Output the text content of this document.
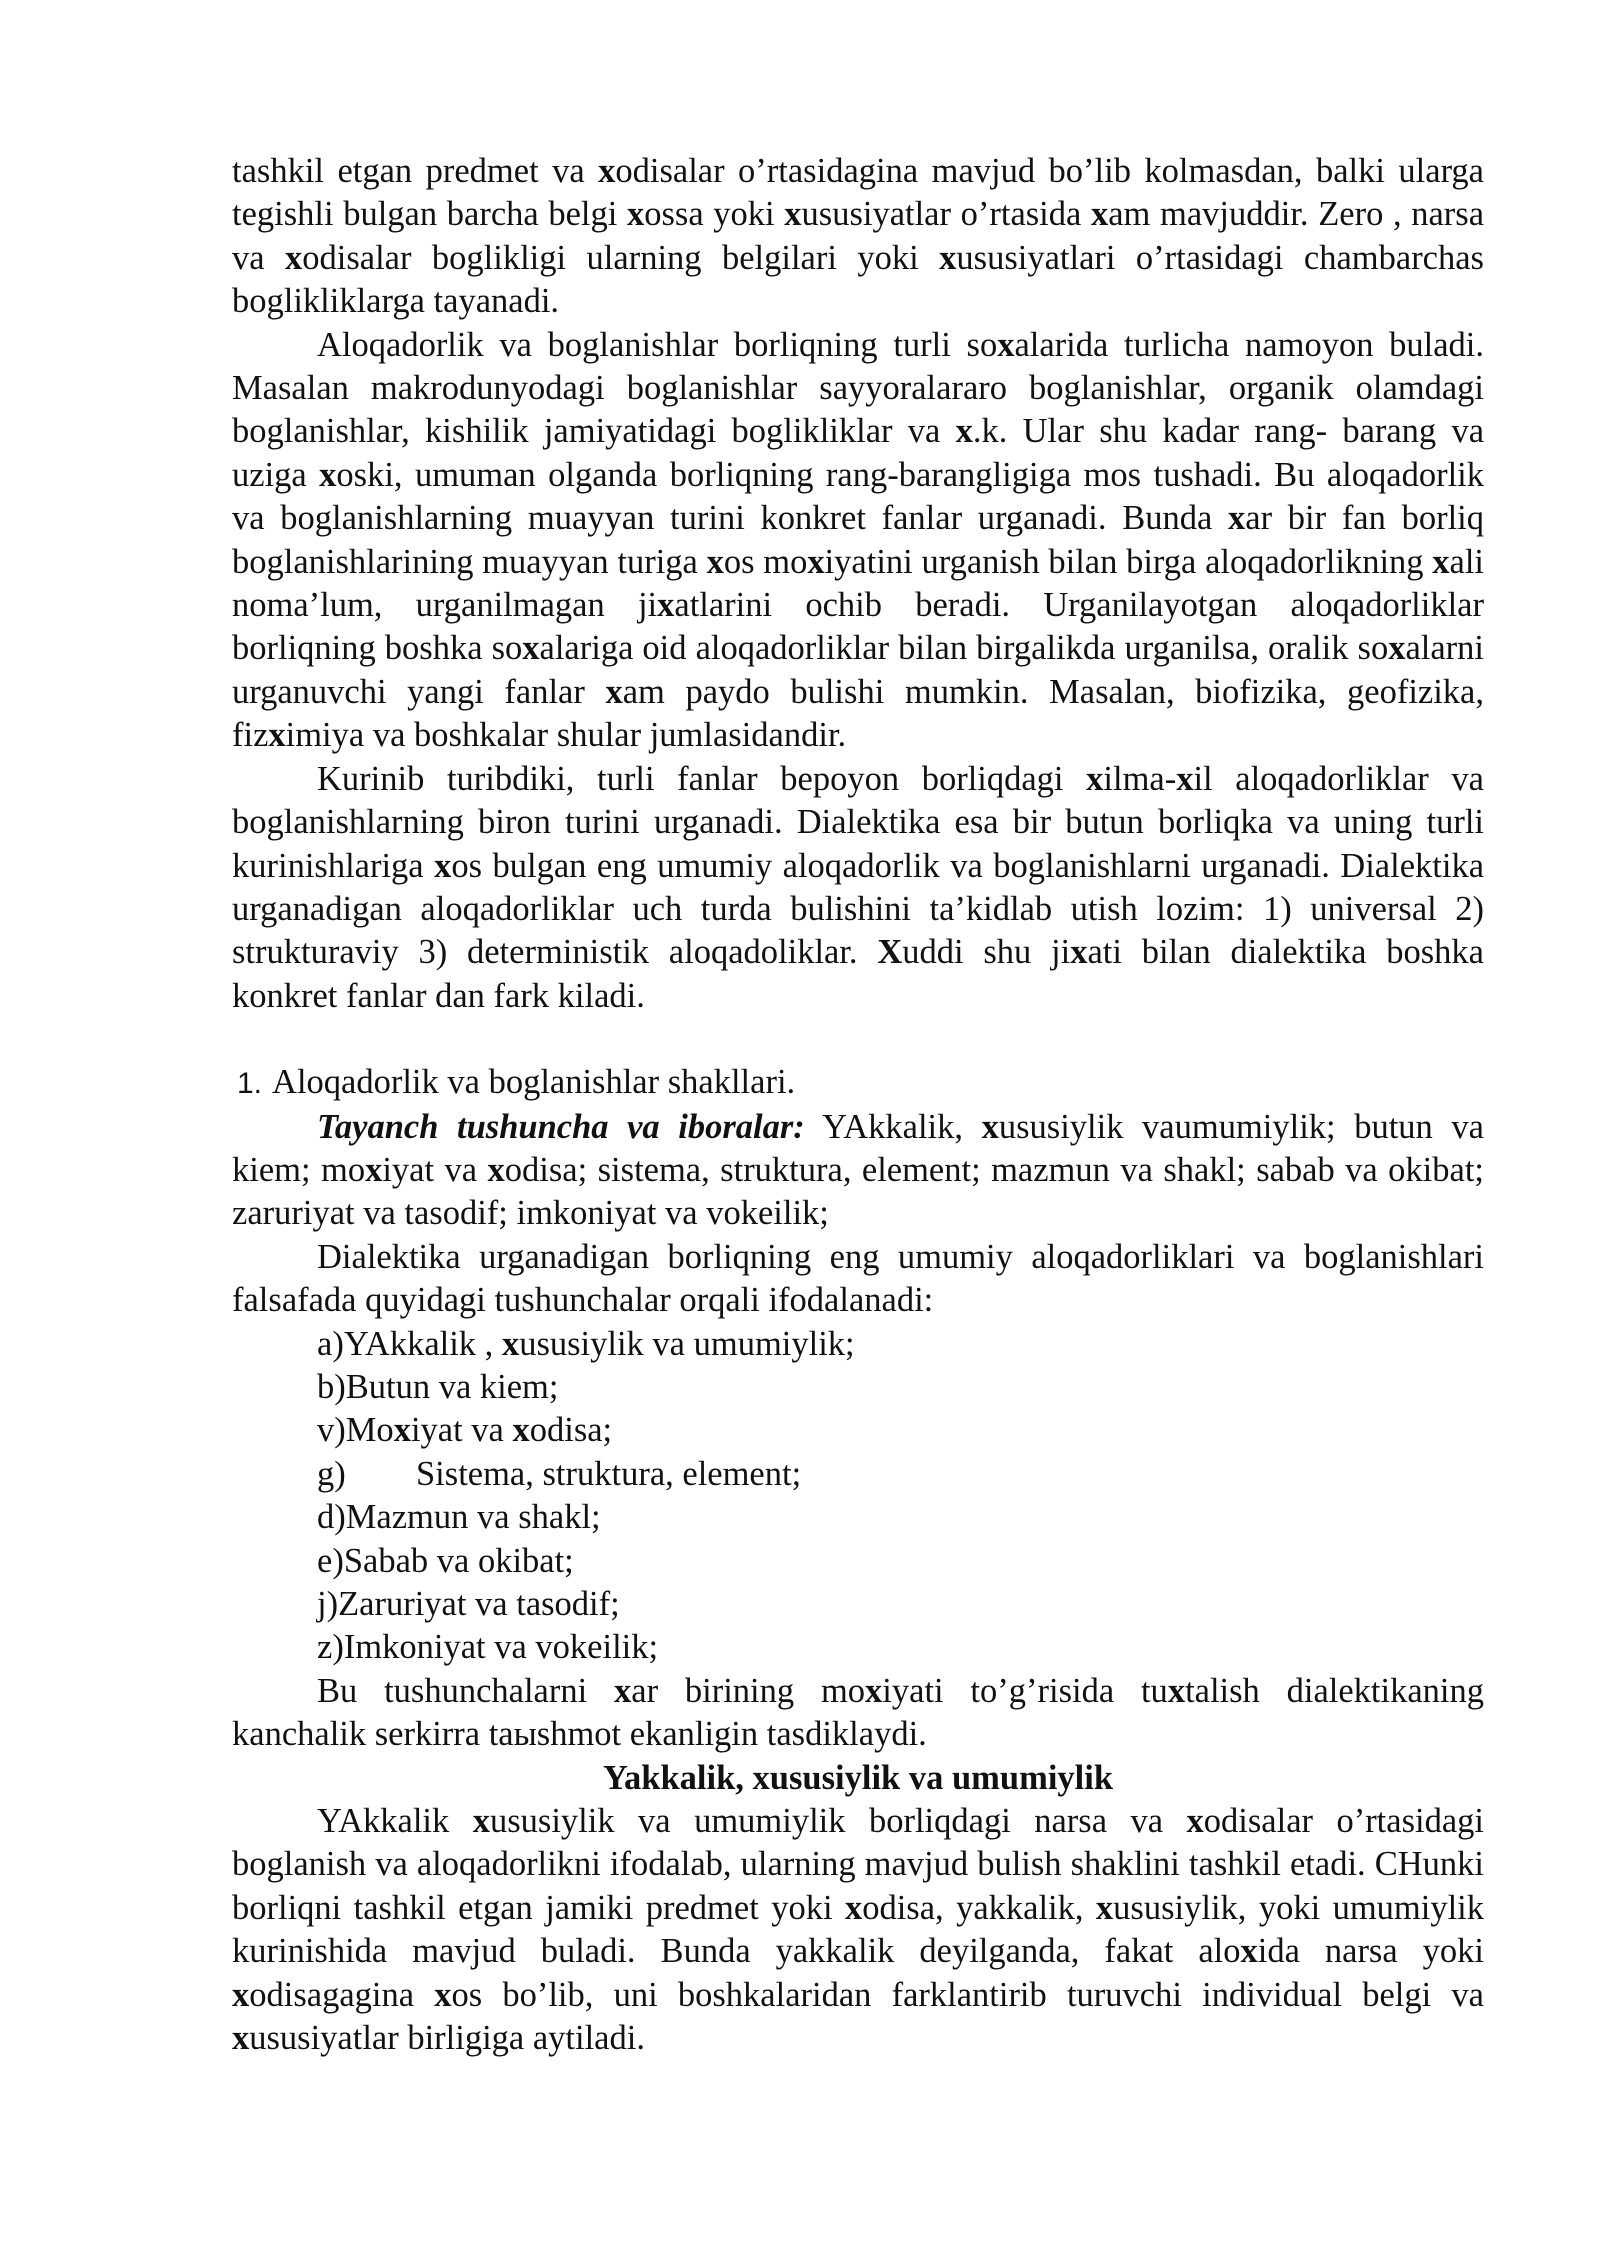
tashkil etgan predmet va xodisalar o’rtasidagina mavjud bo’lib kolmasdan, balki ularga tegishli bulgan barcha belgi xossa yoki xususiyatlar o’rtasida xam mavjuddir. Zero , narsa va xodisalar boglikligi ularning belgilari yoki xususiyatlari o’rtasidagi chambarchas boglikliklarga tayanadi.

Aloqadorlik va boglanishlar borliqning turli soxalarida turlicha namoyon buladi. Masalan makrodunyodagi boglanishlar sayyoralararo boglanishlar, organik olamdagi boglanishlar, kishilik jamiyatidagi boglikliklar va x.k. Ular shu kadar rang- barang va uziga xoski, umuman olganda borliqning rang-barangligiga mos tushadi. Bu aloqadorlik va boglanishlarning muayyan turini konkret fanlar urganadi. Bunda xar bir fan borliq boglanishlarining muayyan turiga xos moxiyatini urganish bilan birga aloqadorlikning xali noma’lum, urganilmagan jixatlarini ochib beradi. Urganilayotgan aloqadorliklar borliqning boshka soxalariga oid aloqadorliklar bilan birgalikda urganilsa, oralik soxalarni urganuvchi yangi fanlar xam paydo bulishi mumkin. Masalan, biofizika, geofizika, fizximiya va boshkalar shular jumlasidandir.

Kurinib turibdiki, turli fanlar bepoyon borliqdagi xilma-xil aloqadorliklar va boglanishlarning biron turini urganadi. Dialektika esa bir butun borliqka va uning turli kurinishlariga xos bulgan eng umumiy aloqadorlik va boglanishlarni urganadi. Dialektika urganadigan aloqadorliklar uch turda bulishini ta’kidlab utish lozim: 1) universal 2) strukturaviy 3) deterministik aloqadoliklar. Xuddi shu jixati bilan dialektika boshka konkret fanlar dan fark kiladi.

1. Aloqadorlik va boglanishlar shakllari.

Tayanch tushuncha va iboralar: YAkkalik, xususiylik vaumumiylik; butun va kiem; moxiyat va xodisa; sistema, struktura, element; mazmun va shakl; sabab va okibat; zaruriyat va tasodif; imkoniyat va vokeilik;

Dialektika urganadigan borliqning eng umumiy aloqadorliklari va boglanishlari falsafada quyidagi tushunchalar orqali ifodalanadi:

a)YAkkalik , xususiylik va umumiylik;
b)Butun va kiem;
v)Moxiyat va xodisa;
g) Sistema, struktura, element;
d)Mazmun va shakl;
e)Sabab va okibat;
j)Zaruriyat va tasodif;
z)Imkoniyat va vokeilik;

Bu tushunchalarni xar birining moxiyati to’g’risida tuxtalish dialektikaning kanchalik serkirra taыshmot ekanligin tasdiklaydi.

Yakkalik, xususiylik va umumiylik

YAkkalik xususiylik va umumiylik borliqdagi narsa va xodisalar o’rtasidagi boglanish va aloqadorlikni ifodalab, ularning mavjud bulish shaklini tashkil etadi. CHunki borliqni tashkil etgan jamiki predmet yoki xodisa, yakkalik, xususiylik, yoki umumiylik kurinishida mavjud buladi. Bunda yakkalik deyilganda, fakat aloxida narsa yoki xodisagagina xos bo’lib, uni boshkalaridan farklantirib turuvchi individual belgi va xususiyatlar birligiga aytiladi.
